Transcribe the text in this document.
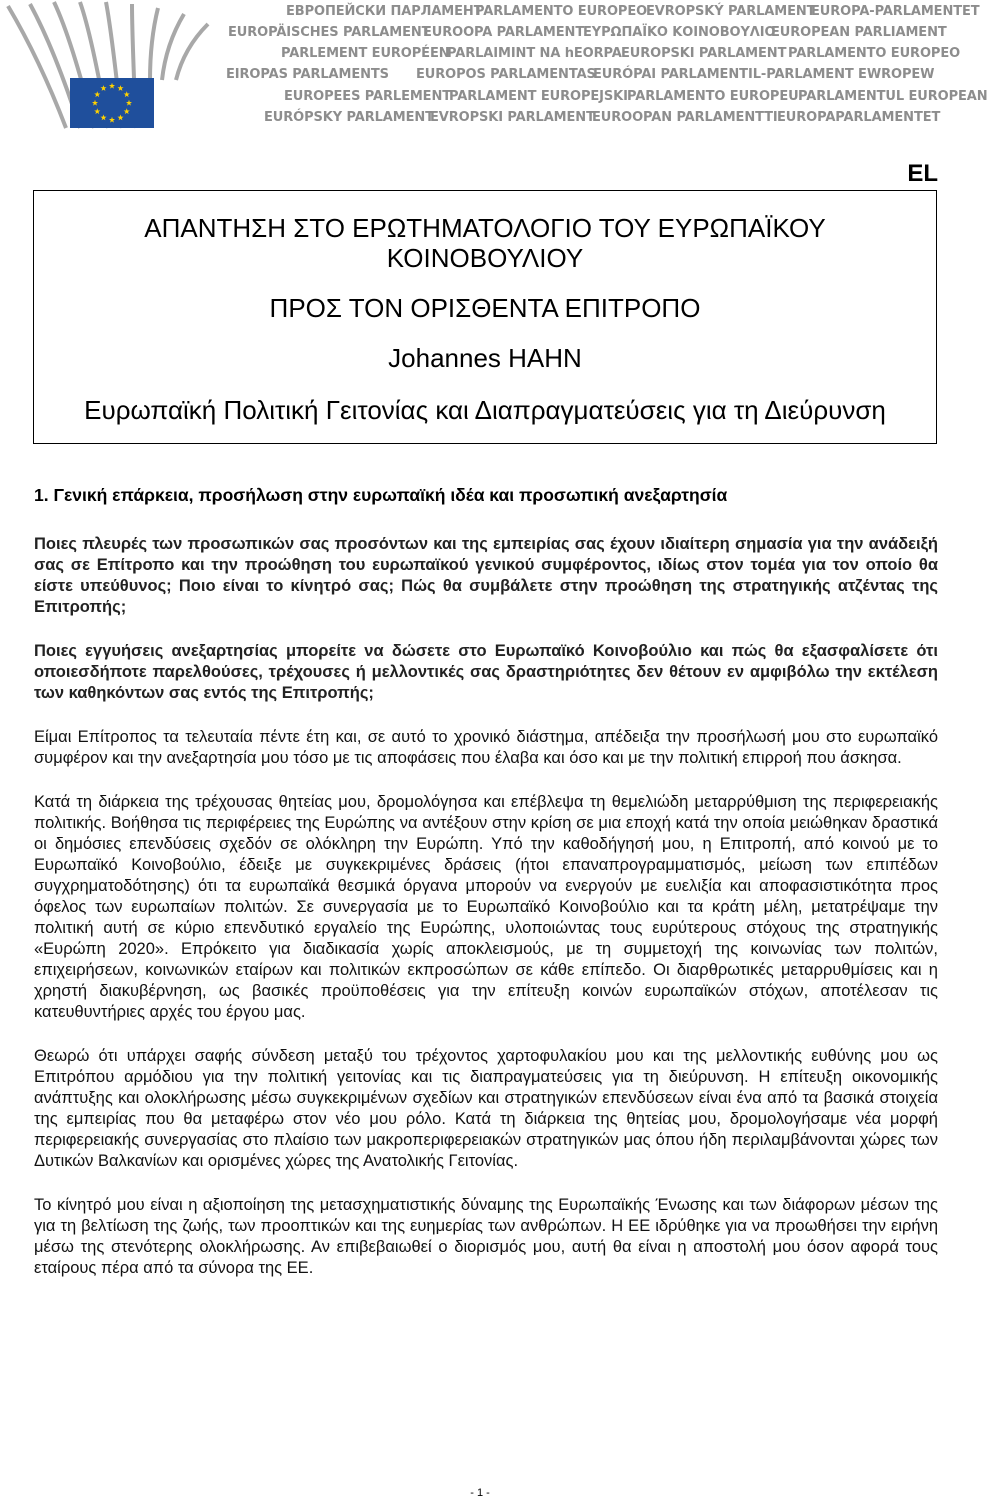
ЕВРОПЕЙСКИ ПАРЛАМЕНТ
PARLAMENTO EUROPEO
EVROPSKÝ PARLAMENT
EUROPA-PARLAMENTET
EUROPÄISCHES PARLAMENT
EUROOPA PARLAMENT
ΕΥΡΩΠΑΪΚΟ ΚΟΙΝΟΒΟΥΛΙΟ
EUROPEAN PARLIAMENT
PARLEMENT EUROPÉEN
PARLAIMINT NA hEORPA EUROPSKI PARLAMENT PARLAMENTO EUROPEO
EIROPAS PARLAMENTS EUROPOS PARLAMENTAS
EURÓPAI PARLAMENT IL-PARLAMENT EWROPEW
EUROPEES PARLEMENT
PARLAMENT EUROPEJSKI PARLAMENTO EUROPEU PARLAMENTUL EUROPEAN
EURÓPSKY PARLAMENT
EVROPSKI PARLAMENT
EUROOPAN PARLAMENTTI EUROPAPARLAMENTET
EL
ΑΠΑΝΤΗΣΗ ΣΤΟ ΕΡΩΤΗΜΑΤΟΛΟΓΙΟ ΤΟΥ ΕΥΡΩΠΑΪΚΟΥ
ΚΟΙΝΟΒΟΥΛΙΟΥ
ΠΡΟΣ ΤΟΝ ΟΡΙΣΘΕΝΤΑ ΕΠΙΤΡΟΠΟ
Johannes HAHN
Ευρωπαϊκή Πολιτική Γειτονίας και Διαπραγματεύσεις για τη Διεύρυνση

1. Γενική επάρκεια, προσήλωση στην ευρωπαϊκή ιδέα και προσωπική ανεξαρτησία

Ποιες πλευρές των προσωπικών σας προσόντων και της εμπειρίας σας έχουν ιδιαίτερη σημασία για την ανάδειξή σας σε Επίτροπο και την προώθηση του ευρωπαϊκού γενικού συμφέροντος, ιδίως στον τομέα για τον οποίο θα είστε υπεύθυνος; Ποιο είναι το κίνητρό σας; Πώς θα συμβάλετε στην προώθηση της στρατηγικής ατζέντας της Επιτροπής;

Ποιες εγγυήσεις ανεξαρτησίας μπορείτε να δώσετε στο Ευρωπαϊκό Κοινοβούλιο και πώς θα εξασφαλίσετε ότι οποιεσδήποτε παρελθούσες, τρέχουσες ή μελλοντικές σας δραστηριότητες δεν θέτουν εν αμφιβόλω την εκτέλεση των καθηκόντων σας εντός της Επιτροπής;

Είμαι Επίτροπος τα τελευταία πέντε έτη και, σε αυτό το χρονικό διάστημα, απέδειξα την προσήλωσή μου στο ευρωπαϊκό συμφέρον και την ανεξαρτησία μου τόσο με τις αποφάσεις που έλαβα και όσο και με την πολιτική επιρροή που άσκησα.

Κατά τη διάρκεια της τρέχουσας θητείας μου, δρομολόγησα και επέβλεψα τη θεμελιώδη μεταρρύθμιση της περιφερειακής πολιτικής. Βοήθησα τις περιφέρειες της Ευρώπης να αντέξουν στην κρίση σε μια εποχή κατά την οποία μειώθηκαν δραστικά οι δημόσιες επενδύσεις σχεδόν σε ολόκληρη την Ευρώπη. Υπό την καθοδήγησή μου, η Επιτροπή, από κοινού με το Ευρωπαϊκό Κοινοβούλιο, έδειξε με συγκεκριμένες δράσεις (ήτοι επαναπρογραμματισμός, μείωση των επιπέδων συγχρηματοδότησης) ότι τα ευρωπαϊκά θεσμικά όργανα μπορούν να ενεργούν με ευελιξία και αποφασιστικότητα προς όφελος των ευρωπαίων πολιτών. Σε συνεργασία με το Ευρωπαϊκό Κοινοβούλιο και τα κράτη μέλη, μετατρέψαμε την πολιτική αυτή σε κύριο επενδυτικό εργαλείο της Ευρώπης, υλοποιώντας τους ευρύτερους στόχους της στρατηγικής «Ευρώπη 2020». Επρόκειτο για διαδικασία χωρίς αποκλεισμούς, με τη συμμετοχή της κοινωνίας των πολιτών, επιχειρήσεων, κοινωνικών εταίρων και πολιτικών εκπροσώπων σε κάθε επίπεδο. Οι διαρθρωτικές μεταρρυθμίσεις και η χρηστή διακυβέρνηση, ως βασικές προϋποθέσεις για την επίτευξη κοινών ευρωπαϊκών στόχων, αποτέλεσαν τις κατευθυντήριες αρχές του έργου μας.

Θεωρώ ότι υπάρχει σαφής σύνδεση μεταξύ του τρέχοντος χαρτοφυλακίου μου και της μελλοντικής ευθύνης μου ως Επιτρόπου αρμόδιου για την πολιτική γειτονίας και τις διαπραγματεύσεις για τη διεύρυνση. Η επίτευξη οικονομικής ανάπτυξης και ολοκλήρωσης μέσω συγκεκριμένων σχεδίων και στρατηγικών επενδύσεων είναι ένα από τα βασικά στοιχεία της εμπειρίας που θα μεταφέρω στον νέο μου ρόλο. Κατά τη διάρκεια της θητείας μου, δρομολογήσαμε νέα μορφή περιφερειακής συνεργασίας στο πλαίσιο των μακροπεριφερειακών στρατηγικών μας όπου ήδη περιλαμβάνονται χώρες των Δυτικών Βαλκανίων και ορισμένες χώρες της Ανατολικής Γειτονίας.

Το κίνητρό μου είναι η αξιοποίηση της μετασχηματιστικής δύναμης της Ευρωπαϊκής Ένωσης και των διάφορων μέσων της για τη βελτίωση της ζωής, των προοπτικών και της ευημερίας των ανθρώπων. Η ΕΕ ιδρύθηκε για να προωθήσει την ειρήνη μέσω της στενότερης ολοκλήρωσης. Αν επιβεβαιωθεί ο διορισμός μου, αυτή θα είναι η αποστολή μου όσον αφορά τους εταίρους πέρα από τα σύνορα της ΕΕ.

- 1 -
